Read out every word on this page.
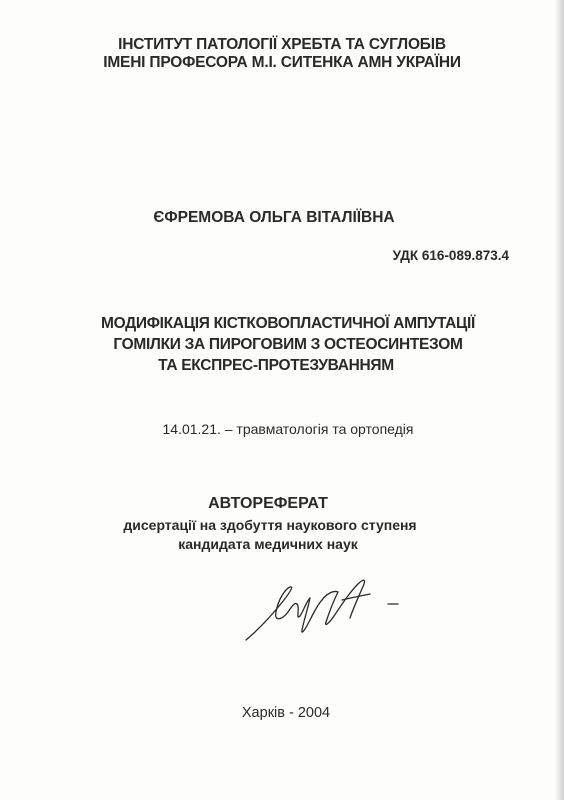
ІНСТИТУТ ПАТОЛОГІЇ ХРЕБТА ТА СУГЛОБІВ
ІМЕНІ ПРОФЕСОРА М.І. СИТЕНКА АМН УКРАЇНИ
ЄФРЕМОВА ОЛЬГА ВІТАЛІЇВНА
УДК 616-089.873.4
МОДИФІКАЦІЯ КІСТКОВОПЛАСТИЧНОЇ АМПУТАЦІЇ
ГОМІЛКИ ЗА ПИРОГОВИМ З ОСТЕОСИНТЕЗОМ
ТА ЕКСПРЕС-ПРОТЕЗУВАННЯМ
14.01.21. – травматологія та ортопедія
АВТОРЕФЕРАТ
дисертації на здобуття наукового ступеня
кандидата медичних наук
Харків - 2004
